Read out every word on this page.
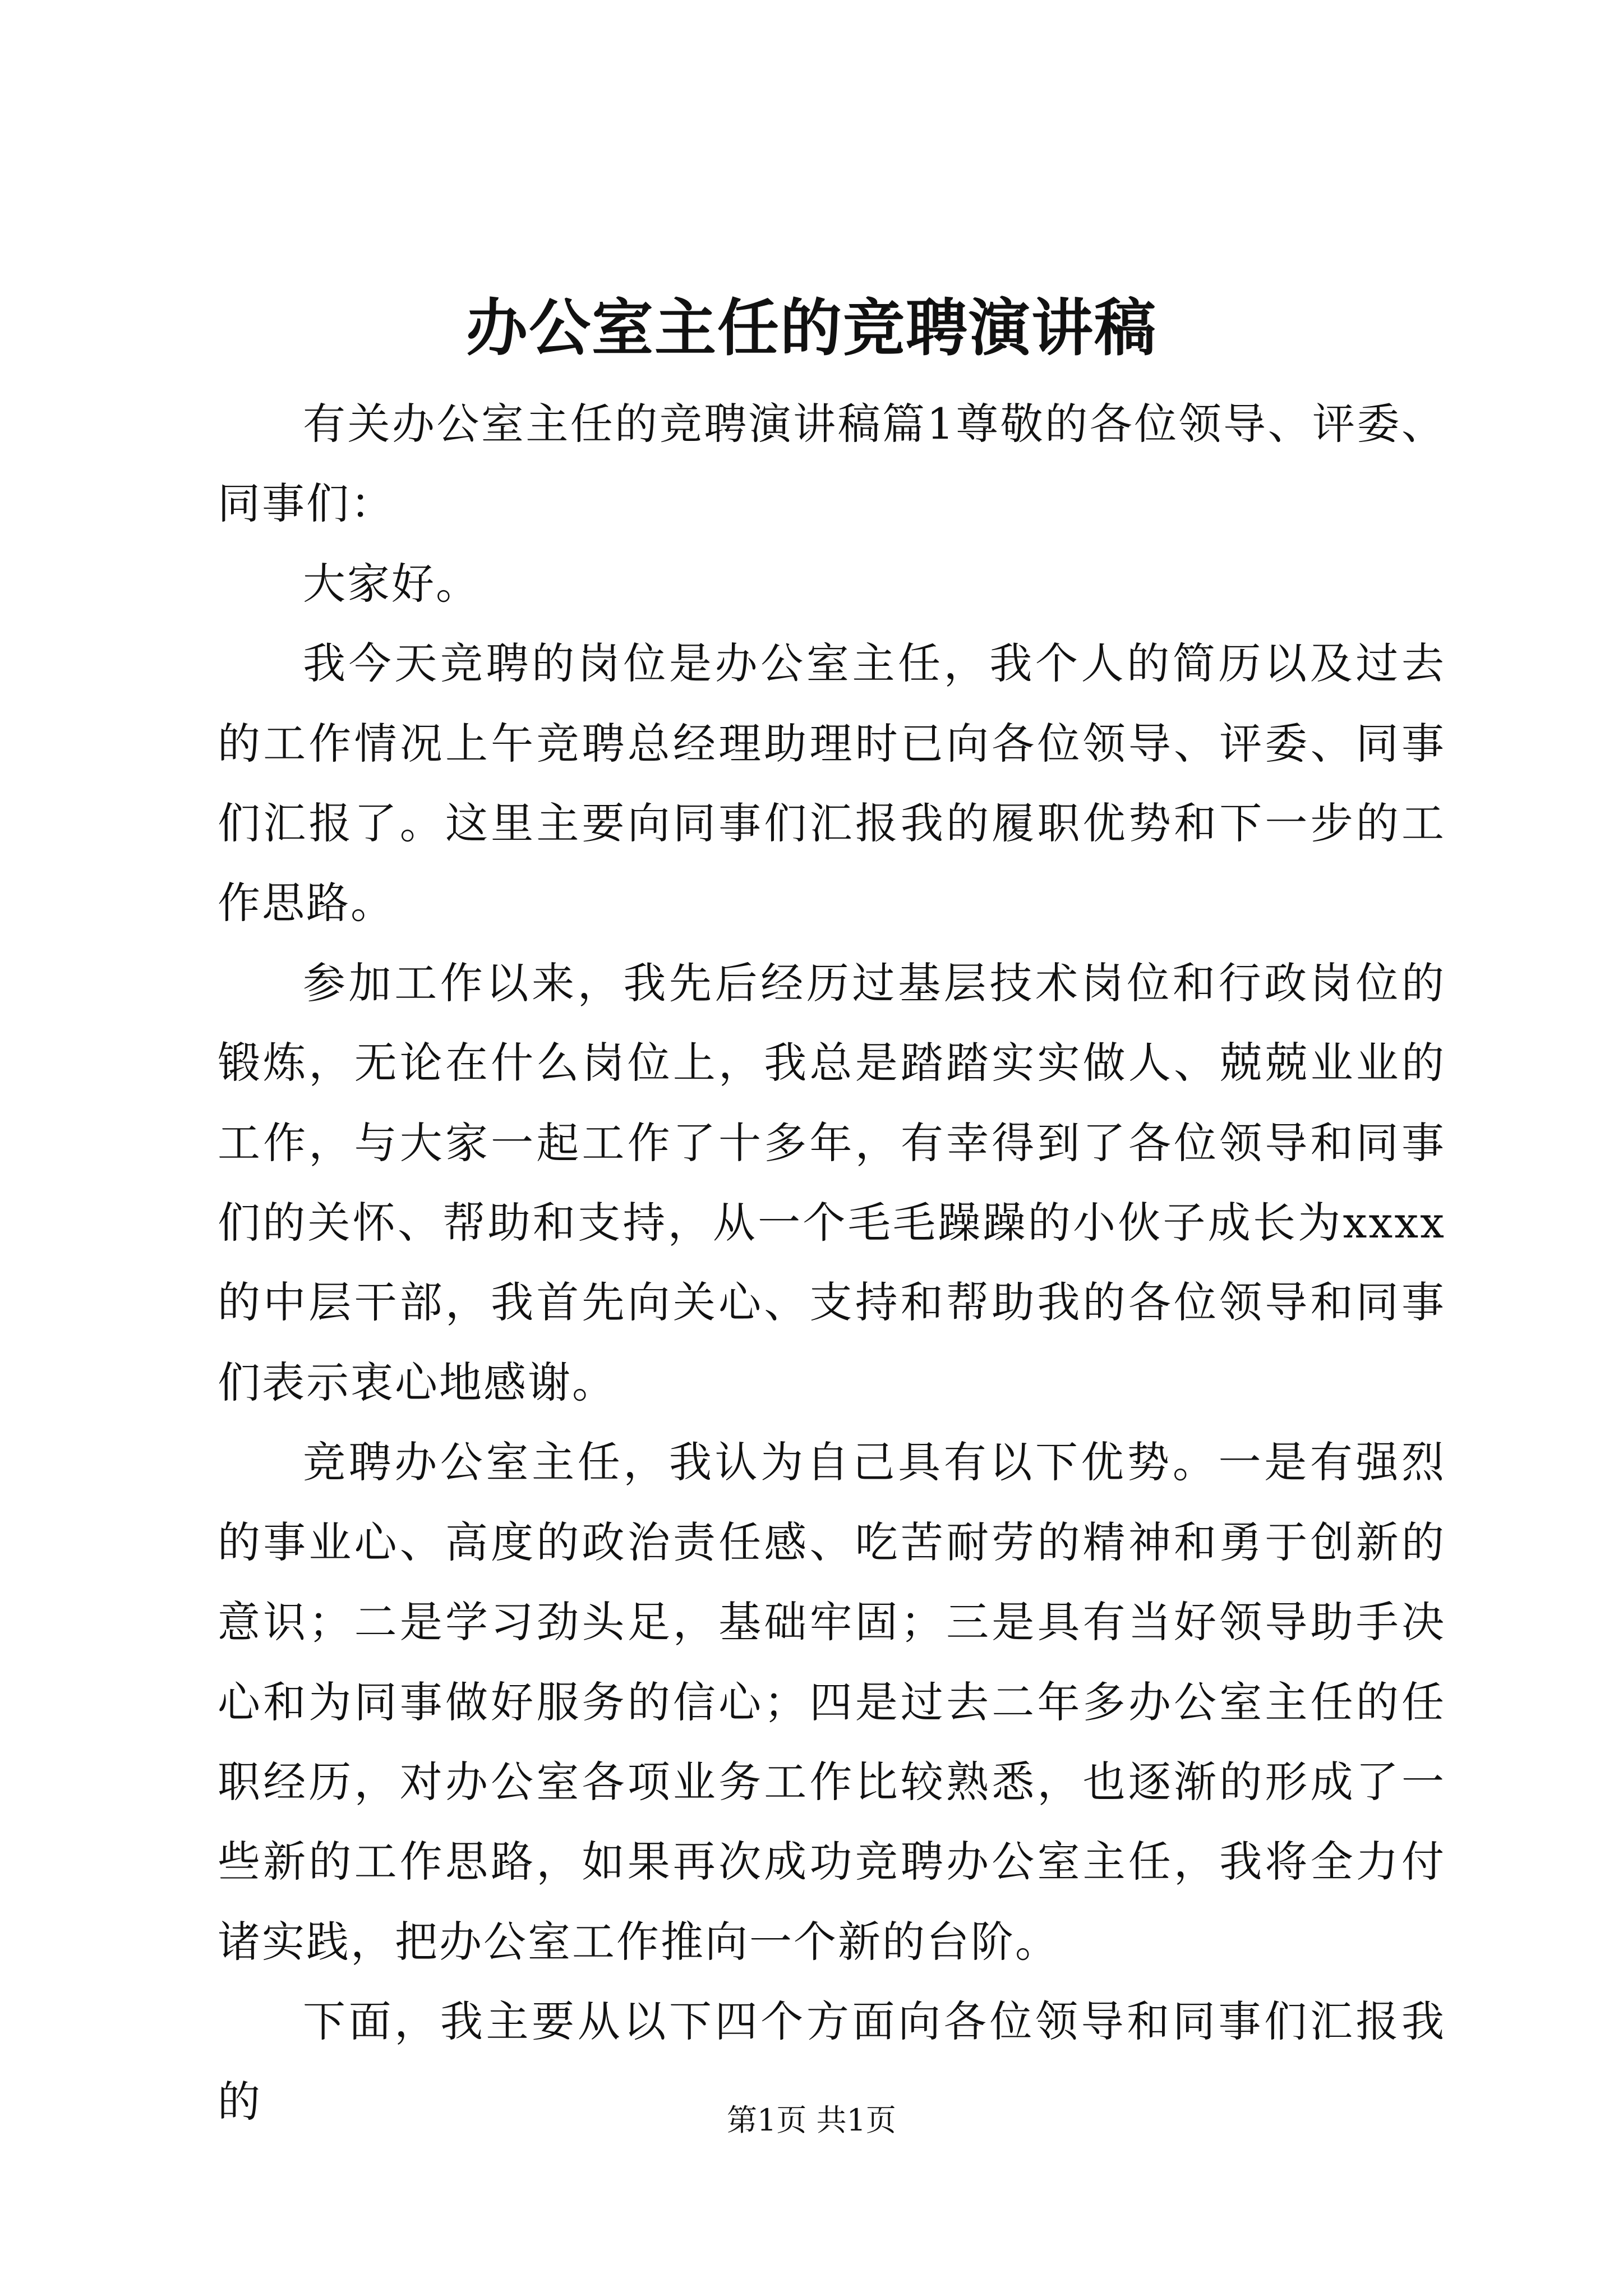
办公室主任的竞聘演讲稿

有关办公室主任的竞聘演讲稿篇1尊敬的各位领导、评委、同事们：

大家好。

我今天竞聘的岗位是办公室主任，我个人的简历以及过去的工作情况上午竞聘总经理助理时已向各位领导、评委、同事们汇报了。这里主要向同事们汇报我的履职优势和下一步的工作思路。

参加工作以来，我先后经历过基层技术岗位和行政岗位的锻炼，无论在什么岗位上，我总是踏踏实实做人、兢兢业业的工作，与大家一起工作了十多年，有幸得到了各位领导和同事们的关怀、帮助和支持，从一个毛毛躁躁的小伙子成长为xxxx的中层干部，我首先向关心、支持和帮助我的各位领导和同事们表示衷心地感谢。

竞聘办公室主任，我认为自己具有以下优势。一是有强烈的事业心、高度的政治责任感、吃苦耐劳的精神和勇于创新的意识；二是学习劲头足，基础牢固；三是具有当好领导助手决心和为同事做好服务的信心；四是过去二年多办公室主任的任职经历，对办公室各项业务工作比较熟悉，也逐渐的形成了一些新的工作思路，如果再次成功竞聘办公室主任，我将全力付诸实践，把办公室工作推向一个新的台阶。

下面，我主要从以下四个方面向各位领导和同事们汇报我的	第1页 共1页
